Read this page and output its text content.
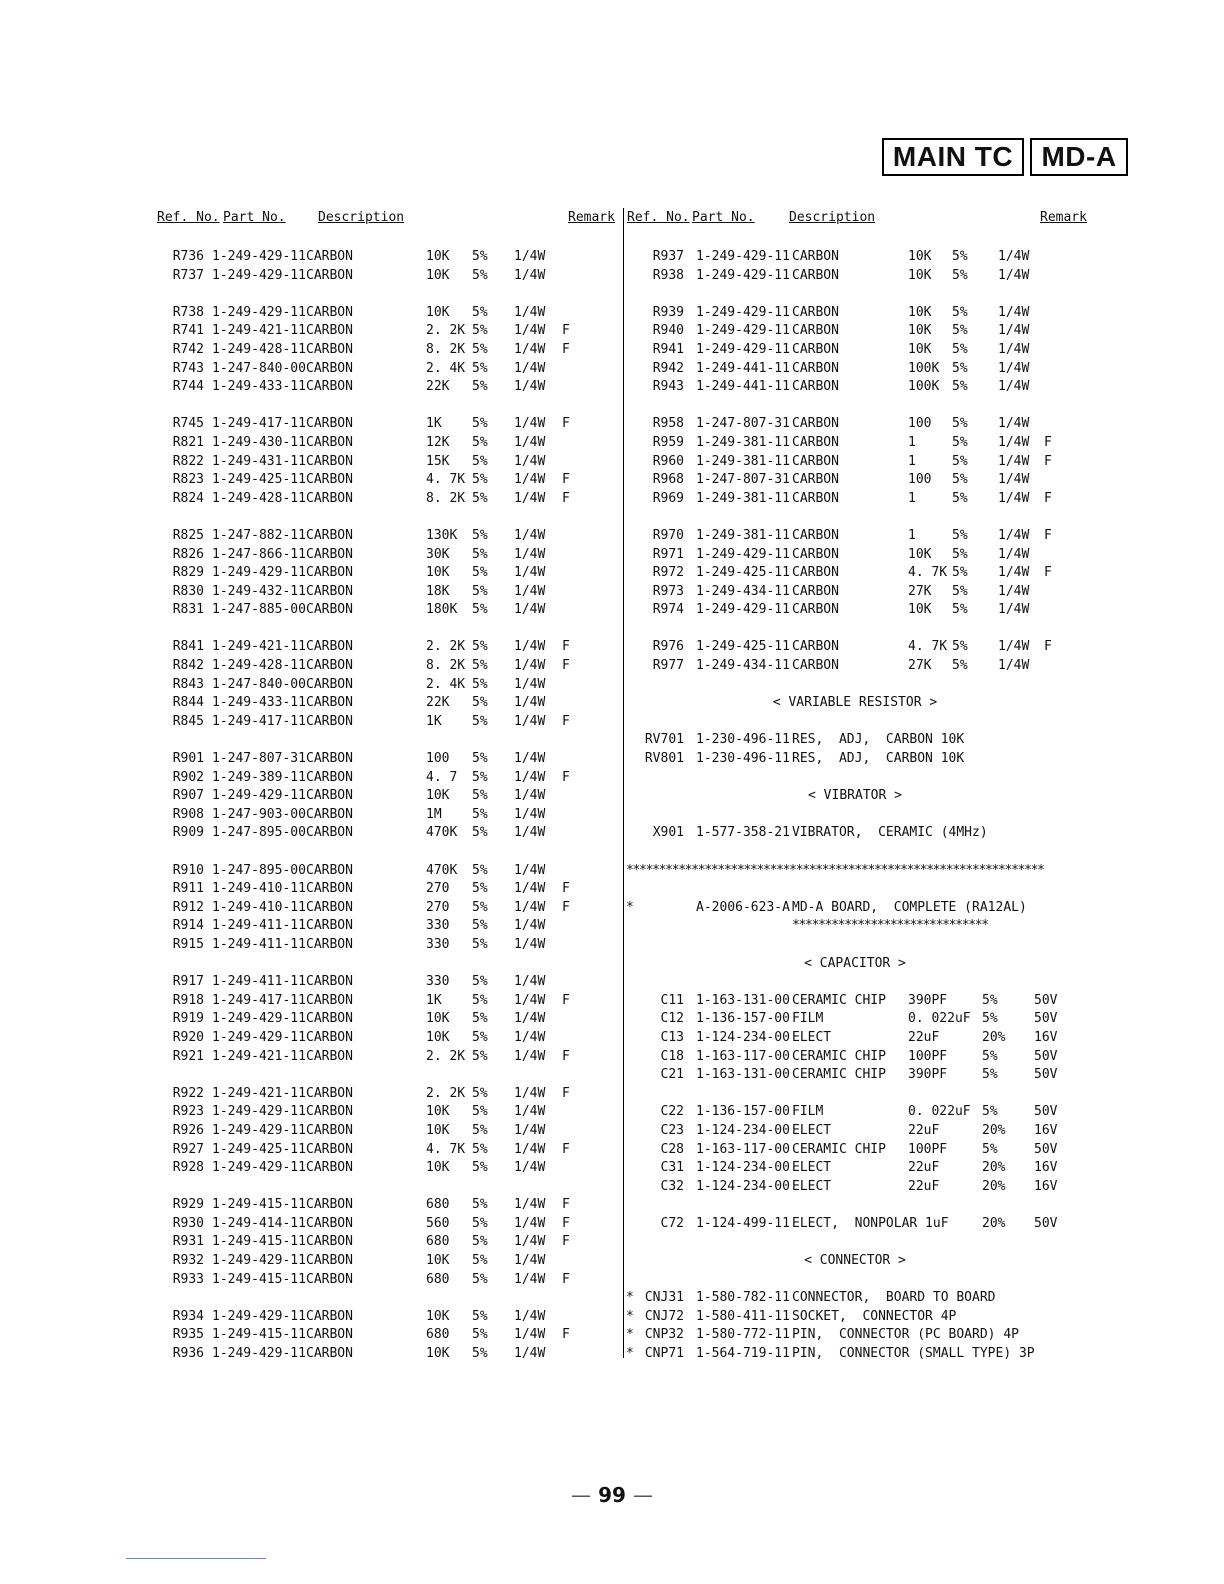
MAIN TC	MD-A
Ref. No. Part No. Description	Remark Ref. No. Part No.	Description	Remark
R736 1-249-429-11 CARBON	10K 5% 1/4W
R737 1-249-429-11 CARBON	10K 5% 1/4W
R738 1-249-429-11 CARBON	10K 5% 1/4W
R741 1-249-421-11 CARBON	2. 2K 5% 1/4W F
R742 1-249-428-11 CARBON	8. 2K 5% 1/4W F
R743 1-247-840-00 CARBON	2. 4K 5% 1/4W
R744 1-249-433-11 CARBON	22K 5% 1/4W
R745 1-249-417-11 CARBON	1K 5% 1/4W F
R821 1-249-430-11 CARBON	12K 5% 1/4W
R822 1-249-431-11 CARBON	15K 5% 1/4W
R823 1-249-425-11 CARBON	4. 7K 5% 1/4W F
R824 1-249-428-11 CARBON	8. 2K 5% 1/4W F
R825 1-247-882-11 CARBON	130K 5% 1/4W
R826 1-247-866-11 CARBON	30K 5% 1/4W
R829 1-249-429-11 CARBON	10K 5% 1/4W
R830 1-249-432-11 CARBON	18K 5% 1/4W
R831 1-247-885-00 CARBON	180K 5% 1/4W
R841 1-249-421-11 CARBON	2. 2K 5% 1/4W F
R842 1-249-428-11 CARBON	8. 2K 5% 1/4W F
R843 1-247-840-00 CARBON	2. 4K 5% 1/4W
R844 1-249-433-11 CARBON	22K 5% 1/4W
R845 1-249-417-11 CARBON	1K 5% 1/4W F
R901 1-247-807-31 CARBON	100 5% 1/4W
R902 1-249-389-11 CARBON	4. 7 5% 1/4W F
R907 1-249-429-11 CARBON	10K 5% 1/4W
R908 1-247-903-00 CARBON	1M 5% 1/4W
R909 1-247-895-00 CARBON	470K 5% 1/4W
R910 1-247-895-00 CARBON	470K 5% 1/4W
R911 1-249-410-11 CARBON	270 5% 1/4W F
R912 1-249-410-11 CARBON	270 5% 1/4W F
R914 1-249-411-11 CARBON	330 5% 1/4W
R915 1-249-411-11 CARBON	330 5% 1/4W
R917 1-249-411-11 CARBON	330 5% 1/4W
R918 1-249-417-11 CARBON	1K 5% 1/4W F
R919 1-249-429-11 CARBON	10K 5% 1/4W
R920 1-249-429-11 CARBON	10K 5% 1/4W
R921 1-249-421-11 CARBON	2. 2K 5% 1/4W F
R922 1-249-421-11 CARBON	2. 2K 5% 1/4W F
R923 1-249-429-11 CARBON	10K 5% 1/4W
R926 1-249-429-11 CARBON	10K 5% 1/4W
R927 1-249-425-11 CARBON	4. 7K 5% 1/4W F
R928 1-249-429-11 CARBON	10K 5% 1/4W
R929 1-249-415-11 CARBON	680 5% 1/4W F
R930 1-249-414-11 CARBON	560 5% 1/4W F
R931 1-249-415-11 CARBON	680 5% 1/4W F
R932 1-249-429-11 CARBON	10K 5% 1/4W
R933 1-249-415-11 CARBON	680 5% 1/4W F
R934 1-249-429-11 CARBON	10K 5% 1/4W
R935 1-249-415-11 CARBON	680 5% 1/4W F
R936 1-249-429-11 CARBON	10K 5% 1/4W
R937 1-249-429-11 CARBON	10K 5% 1/4W
R938 1-249-429-11 CARBON	10K 5% 1/4W
R939 1-249-429-11 CARBON	10K 5% 1/4W
R940 1-249-429-11 CARBON	10K 5% 1/4W
R941 1-249-429-11 CARBON	10K 5% 1/4W
R942 1-249-441-11 CARBON	100K 5% 1/4W
R943 1-249-441-11 CARBON	100K 5% 1/4W
R958 1-247-807-31 CARBON	100 5% 1/4W
R959 1-249-381-11 CARBON	1	5% 1/4W F
R960 1-249-381-11 CARBON	1	5% 1/4W F
R968 1-247-807-31 CARBON	100 5% 1/4W
R969 1-249-381-11 CARBON	1	5% 1/4W F
R970 1-249-381-11 CARBON	1	5% 1/4W F
R971 1-249-429-11 CARBON	10K 5% 1/4W
R972 1-249-425-11 CARBON	4. 7K 5% 1/4W F
R973 1-249-434-11 CARBON	27K 5% 1/4W
R974 1-249-429-11 CARBON	10K 5% 1/4W
R976 1-249-425-11 CARBON	4. 7K 5% 1/4W F
R977 1-249-434-11 CARBON	27K 5% 1/4W
< VARIABLE RESISTOR >
RV701 1-230-496-11 RES,  ADJ,  CARBON 10K
RV801 1-230-496-11 RES,  ADJ,  CARBON 10K
< VIBRATOR >
X901 1-577-358-21 VIBRATOR,  CERAMIC (4MHz)
****************************************************************
*	A-2006-623-A MD-A BOARD,  COMPLETE (RA12AL)
******************************
< CAPACITOR >
C11 1-163-131-00 CERAMIC CHIP 390PF	5%	50V
C12 1-136-157-00 FILM	0. 022uF 5%	50V
C13 1-124-234-00 ELECT	22uF	20% 16V
C18 1-163-117-00 CERAMIC CHIP 100PF	5%	50V
C21 1-163-131-00 CERAMIC CHIP 390PF	5%	50V
C22 1-136-157-00 FILM	0. 022uF 5%	50V
C23 1-124-234-00 ELECT	22uF	20% 16V
C28 1-163-117-00 CERAMIC CHIP 100PF	5%	50V
C31 1-124-234-00 ELECT	22uF	20% 16V
C32 1-124-234-00 ELECT	22uF	20% 16V
C72 1-124-499-11 ELECT,  NONPOLAR 1uF	20% 50V
< CONNECTOR >
* CNJ31 1-580-782-11 CONNECTOR,  BOARD TO BOARD
* CNJ72 1-580-411-11 SOCKET,  CONNECTOR 4P
* CNP32 1-580-772-11 PIN,  CONNECTOR (PC BOARD) 4P
* CNP71 1-564-719-11 PIN,  CONNECTOR (SMALL TYPE) 3P
— 99 —
